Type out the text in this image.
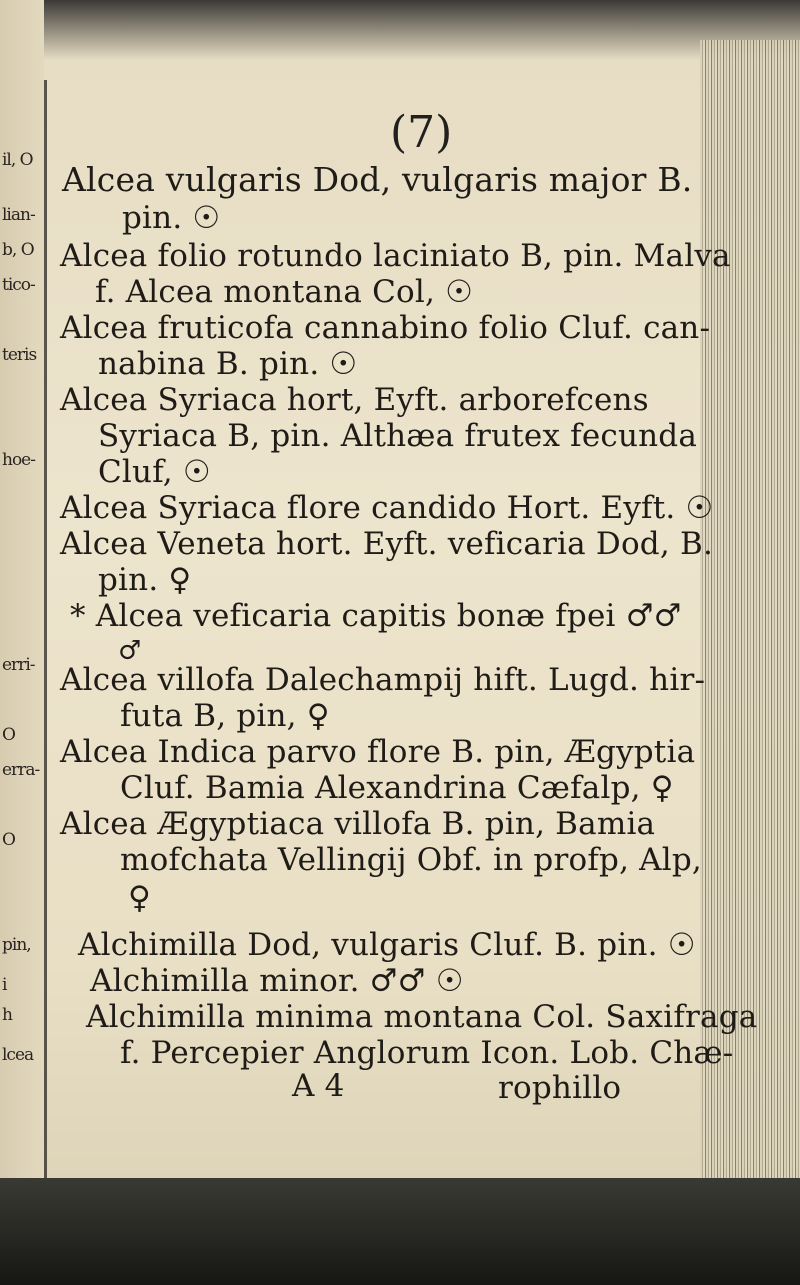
il, O
lian-
b, O
tico-
teris
hoe-
erri-
O
erra-
O
pin,
i
h
lcea
(7)
Alcea vulgaris Dod, vulgaris major B.
pin. ☉
Alcea folio rotundo laciniato B, pin. Malva
f. Alcea montana Col, ☉
Alcea fruticofa cannabino folio Cluf. can-
nabina B. pin. ☉
Alcea Syriaca hort, Eyft. arborefcens
Syriaca B, pin. Althæa frutex fecunda
Cluf, ☉
Alcea Syriaca flore candido Hort. Eyft. ☉
Alcea Veneta hort. Eyft. veficaria Dod, B.
pin. ♀
* Alcea veficaria capitis bonæ fpei ♂♂
♂
Alcea villofa Dalechampij hift. Lugd. hir-
futa B, pin, ♀
Alcea Indica parvo flore B. pin, Ægyptia
Cluf. Bamia Alexandrina Cæfalp, ♀
Alcea Ægyptiaca villofa B. pin, Bamia
mofchata Vellingij Obf. in profp, Alp,
♀
Alchimilla Dod, vulgaris Cluf. B. pin. ☉
Alchimilla minor. ♂♂ ☉
Alchimilla minima montana Col. Saxifraga
f. Percepier Anglorum Icon. Lob. Chæ-
A 4	rophillo
